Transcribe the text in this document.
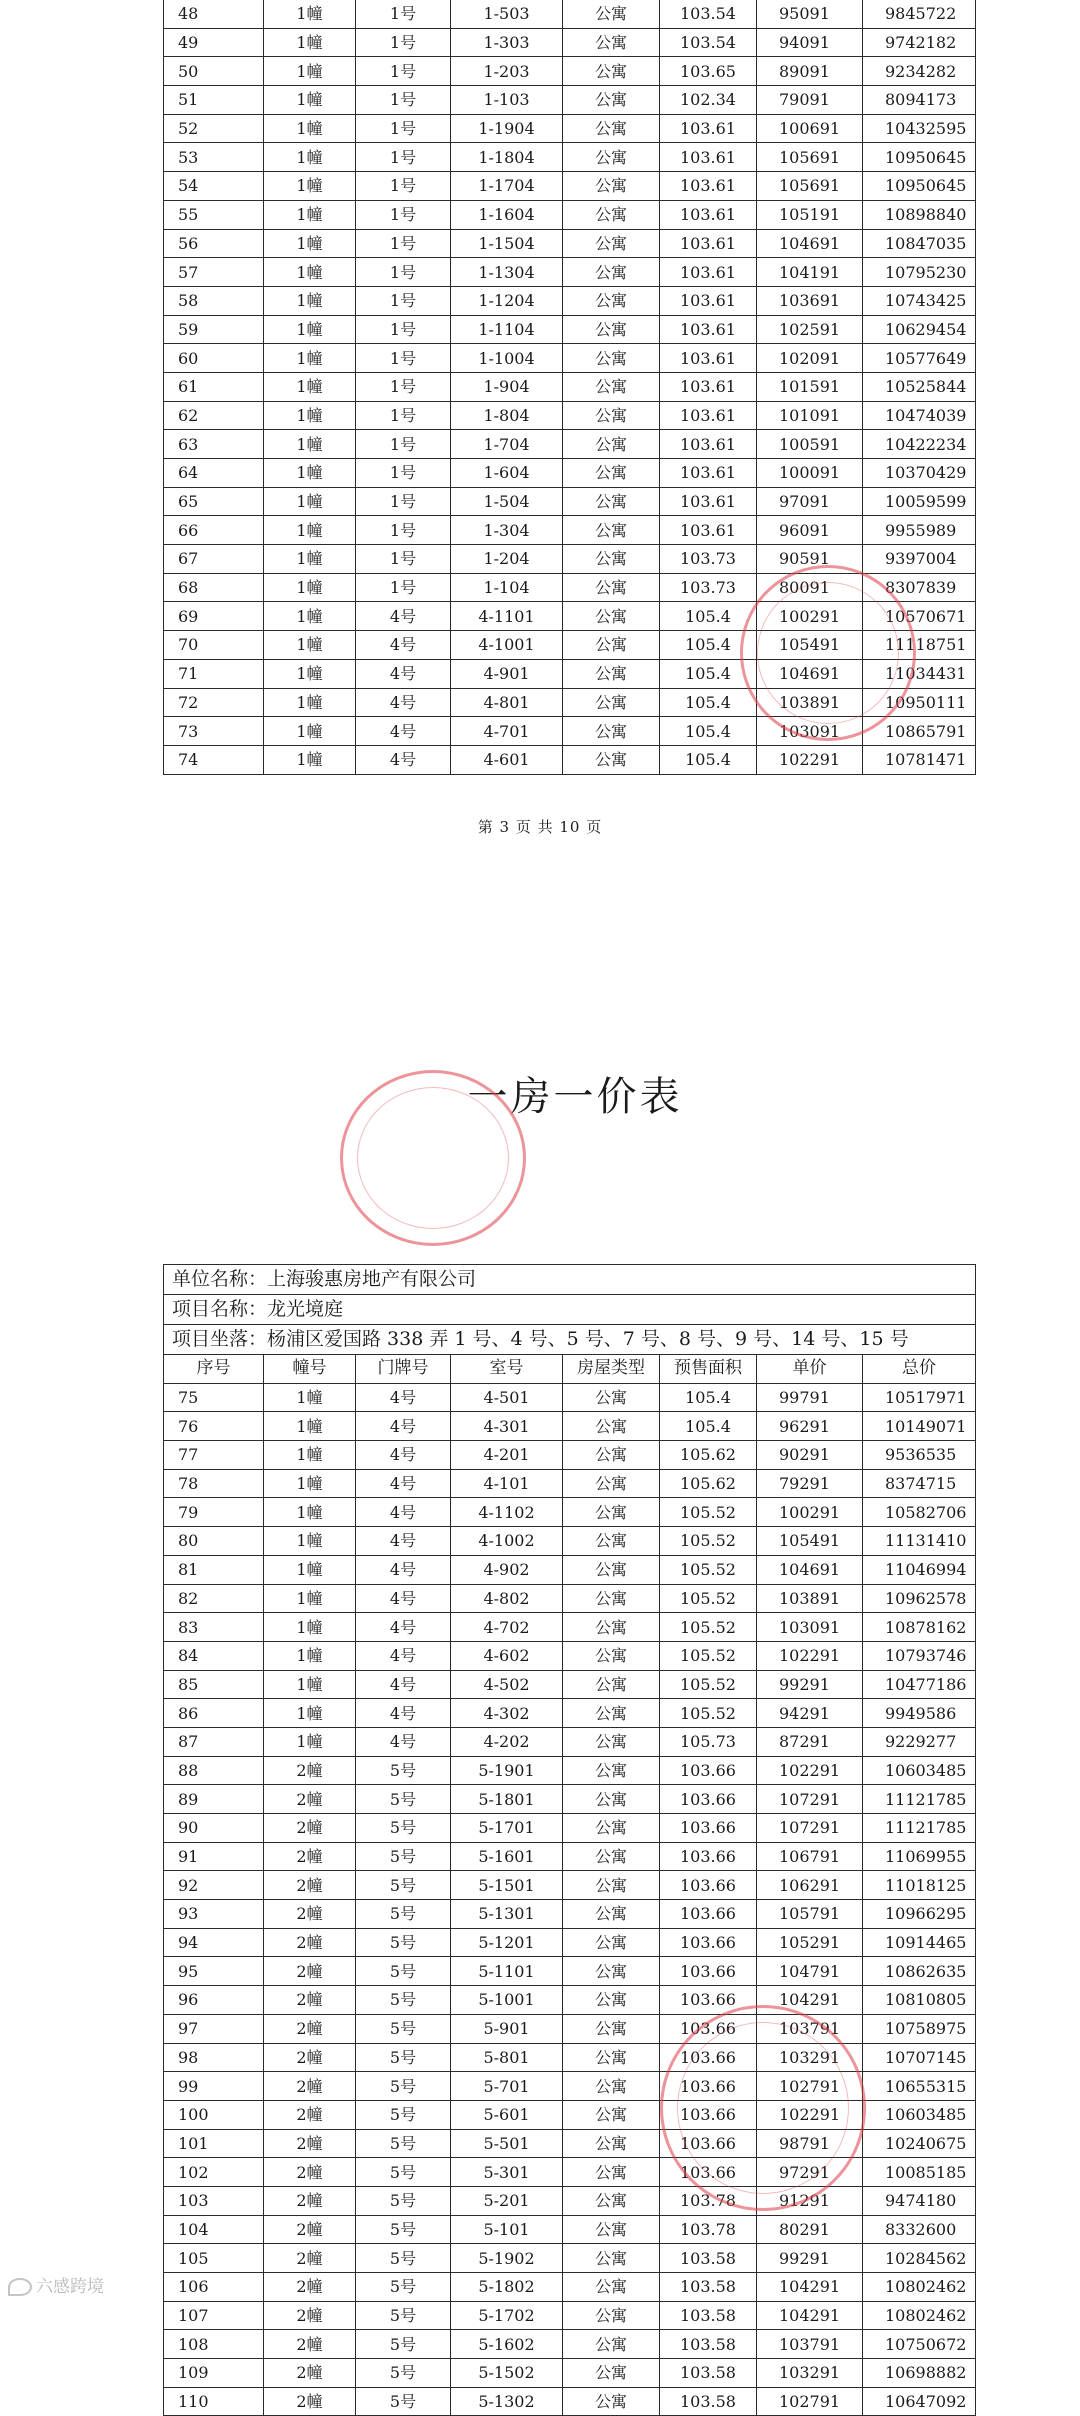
48	1幢	1号	1-503	公寓	103.54	95091	9845722
49	1幢	1号	1-303	公寓	103.54	94091	9742182
50	1幢	1号	1-203	公寓	103.65	89091	9234282
51	1幢	1号	1-103	公寓	102.34	79091	8094173
52	1幢	1号	1-1904	公寓	103.61	100691	10432595
53	1幢	1号	1-1804	公寓	103.61	105691	10950645
54	1幢	1号	1-1704	公寓	103.61	105691	10950645
55	1幢	1号	1-1604	公寓	103.61	105191	10898840
56	1幢	1号	1-1504	公寓	103.61	104691	10847035
57	1幢	1号	1-1304	公寓	103.61	104191	10795230
58	1幢	1号	1-1204	公寓	103.61	103691	10743425
59	1幢	1号	1-1104	公寓	103.61	102591	10629454
60	1幢	1号	1-1004	公寓	103.61	102091	10577649
61	1幢	1号	1-904	公寓	103.61	101591	10525844
62	1幢	1号	1-804	公寓	103.61	101091	10474039
63	1幢	1号	1-704	公寓	103.61	100591	10422234
64	1幢	1号	1-604	公寓	103.61	100091	10370429
65	1幢	1号	1-504	公寓	103.61	97091	10059599
66	1幢	1号	1-304	公寓	103.61	96091	9955989
67	1幢	1号	1-204	公寓	103.73	90591	9397004
68	1幢	1号	1-104	公寓	103.73	80091	8307839
69	1幢	4号	4-1101	公寓	105.4	100291	10570671
70	1幢	4号	4-1001	公寓	105.4	105491	11118751
71	1幢	4号	4-901	公寓	105.4	104691	11034431
72	1幢	4号	4-801	公寓	105.4	103891	10950111
73	1幢	4号	4-701	公寓	105.4	103091	10865791
74	1幢	4号	4-601	公寓	105.4	102291	10781471
第 3 页 共 10 页
一房一价表
单位名称：上海骏惠房地产有限公司							
项目名称：龙光境庭							
项目坐落：杨浦区爱国路 338 弄 1 号、4 号、5 号、7 号、8 号、9 号、14 号、15 号							
序号	幢号	门牌号	室号	房屋类型	预售面积	单价	总价
75	1幢	4号	4-501	公寓	105.4	99791	10517971
76	1幢	4号	4-301	公寓	105.4	96291	10149071
77	1幢	4号	4-201	公寓	105.62	90291	9536535
78	1幢	4号	4-101	公寓	105.62	79291	8374715
79	1幢	4号	4-1102	公寓	105.52	100291	10582706
80	1幢	4号	4-1002	公寓	105.52	105491	11131410
81	1幢	4号	4-902	公寓	105.52	104691	11046994
82	1幢	4号	4-802	公寓	105.52	103891	10962578
83	1幢	4号	4-702	公寓	105.52	103091	10878162
84	1幢	4号	4-602	公寓	105.52	102291	10793746
85	1幢	4号	4-502	公寓	105.52	99291	10477186
86	1幢	4号	4-302	公寓	105.52	94291	9949586
87	1幢	4号	4-202	公寓	105.73	87291	9229277
88	2幢	5号	5-1901	公寓	103.66	102291	10603485
89	2幢	5号	5-1801	公寓	103.66	107291	11121785
90	2幢	5号	5-1701	公寓	103.66	107291	11121785
91	2幢	5号	5-1601	公寓	103.66	106791	11069955
92	2幢	5号	5-1501	公寓	103.66	106291	11018125
93	2幢	5号	5-1301	公寓	103.66	105791	10966295
94	2幢	5号	5-1201	公寓	103.66	105291	10914465
95	2幢	5号	5-1101	公寓	103.66	104791	10862635
96	2幢	5号	5-1001	公寓	103.66	104291	10810805
97	2幢	5号	5-901	公寓	103.66	103791	10758975
98	2幢	5号	5-801	公寓	103.66	103291	10707145
99	2幢	5号	5-701	公寓	103.66	102791	10655315
100	2幢	5号	5-601	公寓	103.66	102291	10603485
101	2幢	5号	5-501	公寓	103.66	98791	10240675
102	2幢	5号	5-301	公寓	103.66	97291	10085185
103	2幢	5号	5-201	公寓	103.78	91291	9474180
104	2幢	5号	5-101	公寓	103.78	80291	8332600
105	2幢	5号	5-1902	公寓	103.58	99291	10284562
106	2幢	5号	5-1802	公寓	103.58	104291	10802462
107	2幢	5号	5-1702	公寓	103.58	104291	10802462
108	2幢	5号	5-1602	公寓	103.58	103791	10750672
109	2幢	5号	5-1502	公寓	103.58	103291	10698882
110	2幢	5号	5-1302	公寓	103.58	102791	10647092
六感跨境
